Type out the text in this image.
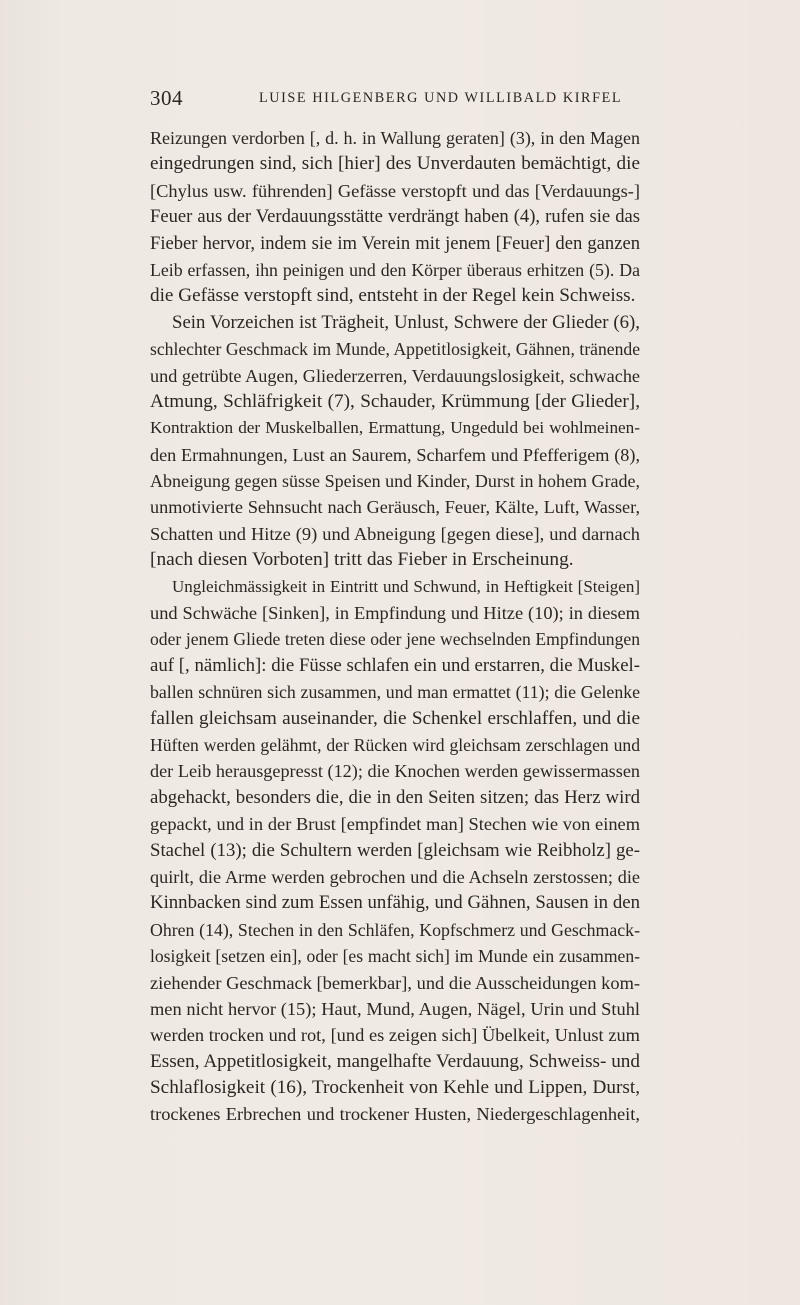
304	LUISE HILGENBERG UND WILLIBALD KIRFEL
Reizungen verdorben [, d. h. in Wallung geraten] (3), in den Magen
eingedrungen sind, sich [hier] des Unverdauten bemächtigt, die
[Chylus usw. führenden] Gefässe verstopft und das [Verdauungs-]
Feuer aus der Verdauungsstätte verdrängt haben (4), rufen sie das
Fieber hervor, indem sie im Verein mit jenem [Feuer] den ganzen
Leib erfassen, ihn peinigen und den Körper überaus erhitzen (5). Da
die Gefässe verstopft sind, entsteht in der Regel kein Schweiss.
Sein Vorzeichen ist Trägheit, Unlust, Schwere der Glieder (6),
schlechter Geschmack im Munde, Appetitlosigkeit, Gähnen, tränende
und getrübte Augen, Gliederzerren, Verdauungslosigkeit, schwache
Atmung, Schläfrigkeit (7), Schauder, Krümmung [der Glieder],
Kontraktion der Muskelballen, Ermattung, Ungeduld bei wohlmeinen-
den Ermahnungen, Lust an Saurem, Scharfem und Pfefferigem (8),
Abneigung gegen süsse Speisen und Kinder, Durst in hohem Grade,
unmotivierte Sehnsucht nach Geräusch, Feuer, Kälte, Luft, Wasser,
Schatten und Hitze (9) und Abneigung [gegen diese], und darnach
[nach diesen Vorboten] tritt das Fieber in Erscheinung.
Ungleichmässigkeit in Eintritt und Schwund, in Heftigkeit [Steigen]
und Schwäche [Sinken], in Empfindung und Hitze (10); in diesem
oder jenem Gliede treten diese oder jene wechselnden Empfindungen
auf [, nämlich]: die Füsse schlafen ein und erstarren, die Muskel-
ballen schnüren sich zusammen, und man ermattet (11); die Gelenke
fallen gleichsam auseinander, die Schenkel erschlaffen, und die
Hüften werden gelähmt, der Rücken wird gleichsam zerschlagen und
der Leib herausgepresst (12); die Knochen werden gewissermassen
abgehackt, besonders die, die in den Seiten sitzen; das Herz wird
gepackt, und in der Brust [empfindet man] Stechen wie von einem
Stachel (13); die Schultern werden [gleichsam wie Reibholz] ge-
quirlt, die Arme werden gebrochen und die Achseln zerstossen; die
Kinnbacken sind zum Essen unfähig, und Gähnen, Sausen in den
Ohren (14), Stechen in den Schläfen, Kopfschmerz und Geschmack-
losigkeit [setzen ein], oder [es macht sich] im Munde ein zusammen-
ziehender Geschmack [bemerkbar], und die Ausscheidungen kom-
men nicht hervor (15); Haut, Mund, Augen, Nägel, Urin und Stuhl
werden trocken und rot, [und es zeigen sich] Übelkeit, Unlust zum
Essen, Appetitlosigkeit, mangelhafte Verdauung, Schweiss- und
Schlaflosigkeit (16), Trockenheit von Kehle und Lippen, Durst,
trockenes Erbrechen und trockener Husten, Niedergeschlagenheit,
